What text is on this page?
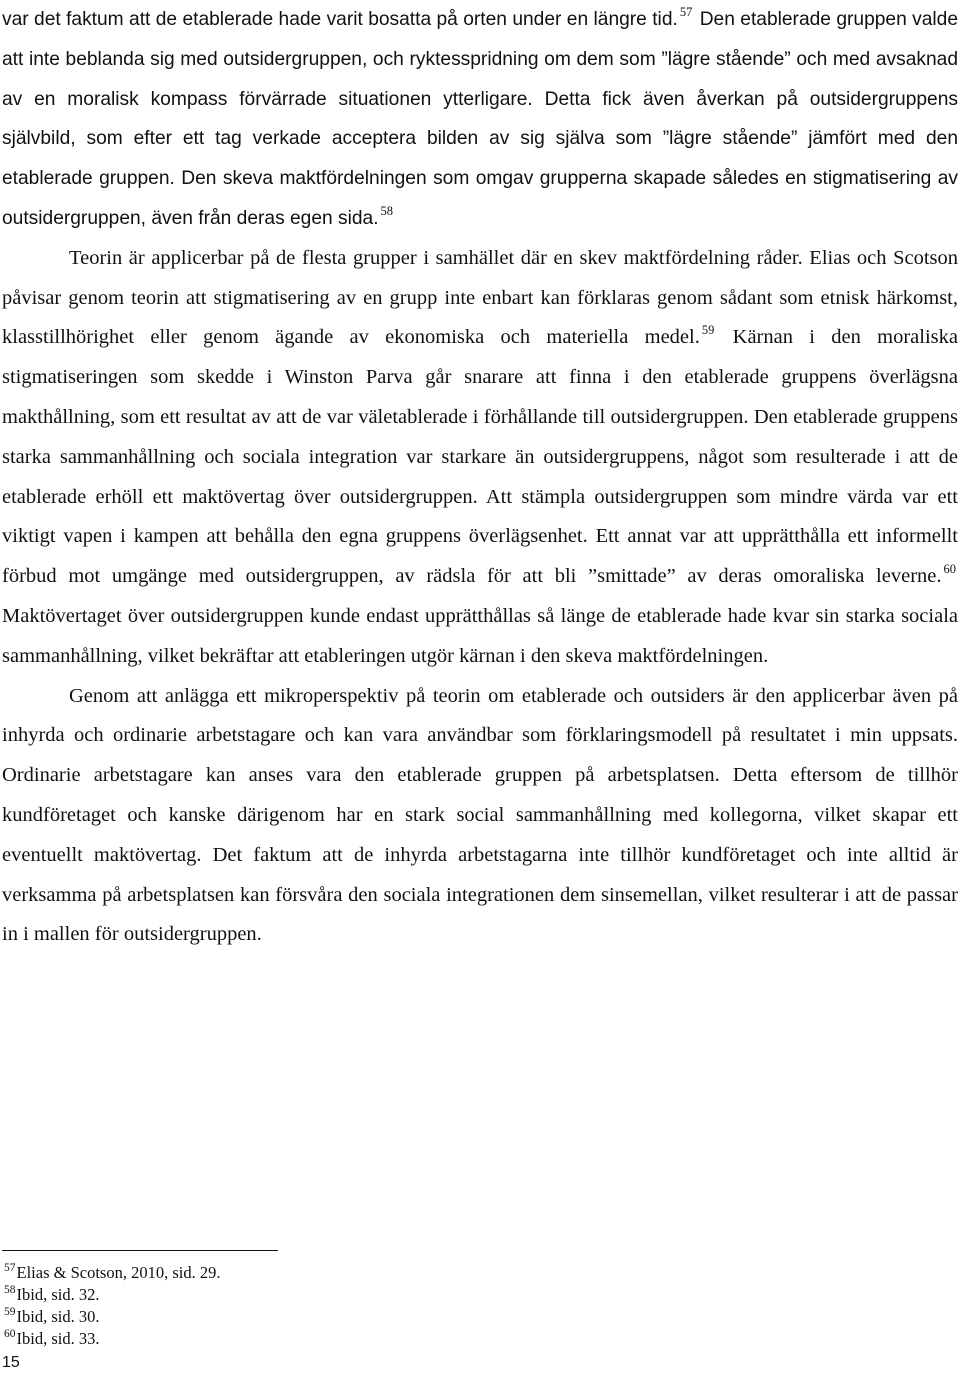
var det faktum att de etablerade hade varit bosatta på orten under en längre tid. $^{57}$ Den etablerade gruppen valde att inte beblanda sig med outsidergruppen, och ryktesspridning om dem som ”lägre stående” och med avsaknad av en moralisk kompass förvärrade situationen ytterligare. Detta fick även åverkan på outsidergruppens självbild, som efter ett tag verkade acceptera bilden av sig själva som ”lägre stående” jämfört med den etablerade gruppen. Den skeva maktfördelningen som omgav grupperna skapade således en stigmatisering av outsidergruppen, även från deras egen sida. $^{58}$

Teorin är applicerbar på de flesta grupper i samhället där en skev maktfördelning råder. Elias och Scotson påvisar genom teorin att stigmatisering av en grupp inte enbart kan förklaras genom sådant som etnisk härkomst, klasstillhörighet eller genom ägande av ekonomiska och materiella medel. $^{59}$ Kärnan i den moraliska stigmatiseringen som skedde i Winston Parva går snarare att finna i den etablerade gruppens överlägsna makthållning, som ett resultat av att de var väletablerade i förhållande till outsidergruppen. Den etablerade gruppens starka sammanhållning och sociala integration var starkare än outsidergruppens, något som resulterade i att de etablerade erhöll ett maktövertag över outsidergruppen. Att stämpla outsidergruppen som mindre värda var ett viktigt vapen i kampen att behålla den egna gruppens överlägsenhet. Ett annat var att upprätthålla ett informellt förbud mot umgänge med outsidergruppen, av rädsla för att bli ”smittade” av deras omoraliska leverne. $^{60}$ Maktövertaget över outsidergruppen kunde endast upprätthållas så länge de etablerade hade kvar sin starka sociala sammanhållning, vilket bekräftar att etableringen utgör kärnan i den skeva maktfördelningen.

Genom att anlägga ett mikroperspektiv på teorin om etablerade och outsiders är den applicerbar även på inhyrda och ordinarie arbetstagare och kan vara användbar som förklaringsmodell på resultatet i min uppsats. Ordinarie arbetstagare kan anses vara den etablerade gruppen på arbetsplatsen. Detta eftersom de tillhör kundföretaget och kanske därigenom har en stark social sammanhållning med kollegorna, vilket skapar ett eventuellt maktövertag. Det faktum att de inhyrda arbetstagarna inte tillhör kundföretaget och inte alltid är verksamma på arbetsplatsen kan försvåra den sociala integrationen dem sinsemellan, vilket resulterar i att de passar in i mallen för outsidergruppen.

$^{57}$Elias & Scotson, 2010, sid. 29.
$^{58}$Ibid, sid. 32.
$^{59}$Ibid, sid. 30.
$^{60}$Ibid, sid. 33.
15
